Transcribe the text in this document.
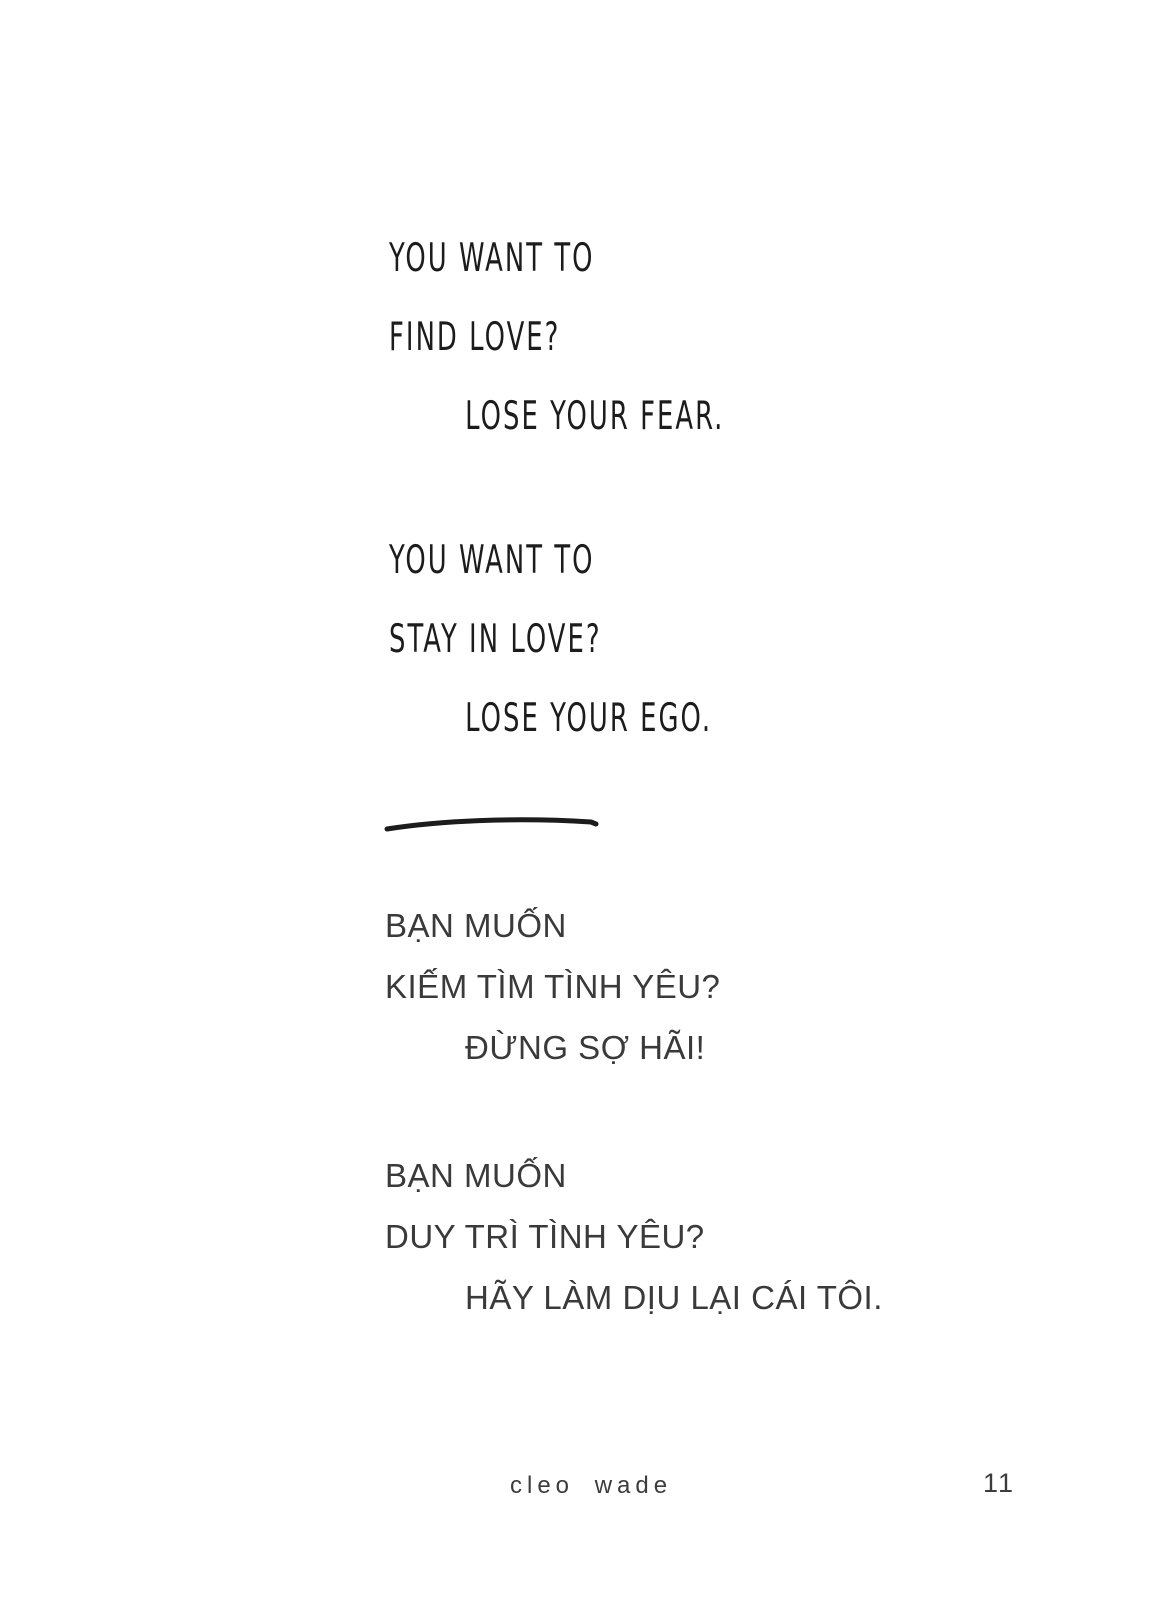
YOU WANT TO
FIND LOVE?
LOSE YOUR FEAR.
YOU WANT TO
STAY IN LOVE?
LOSE YOUR EGO.
BẠN MUỐN
KIẾM TÌM TÌNH YÊU?
ĐỪNG SỢ HÃI!
BẠN MUỐN
DUY TRÌ TÌNH YÊU?
HÃY LÀM DỊU LẠI CÁI TÔI.
cleo wade	11
